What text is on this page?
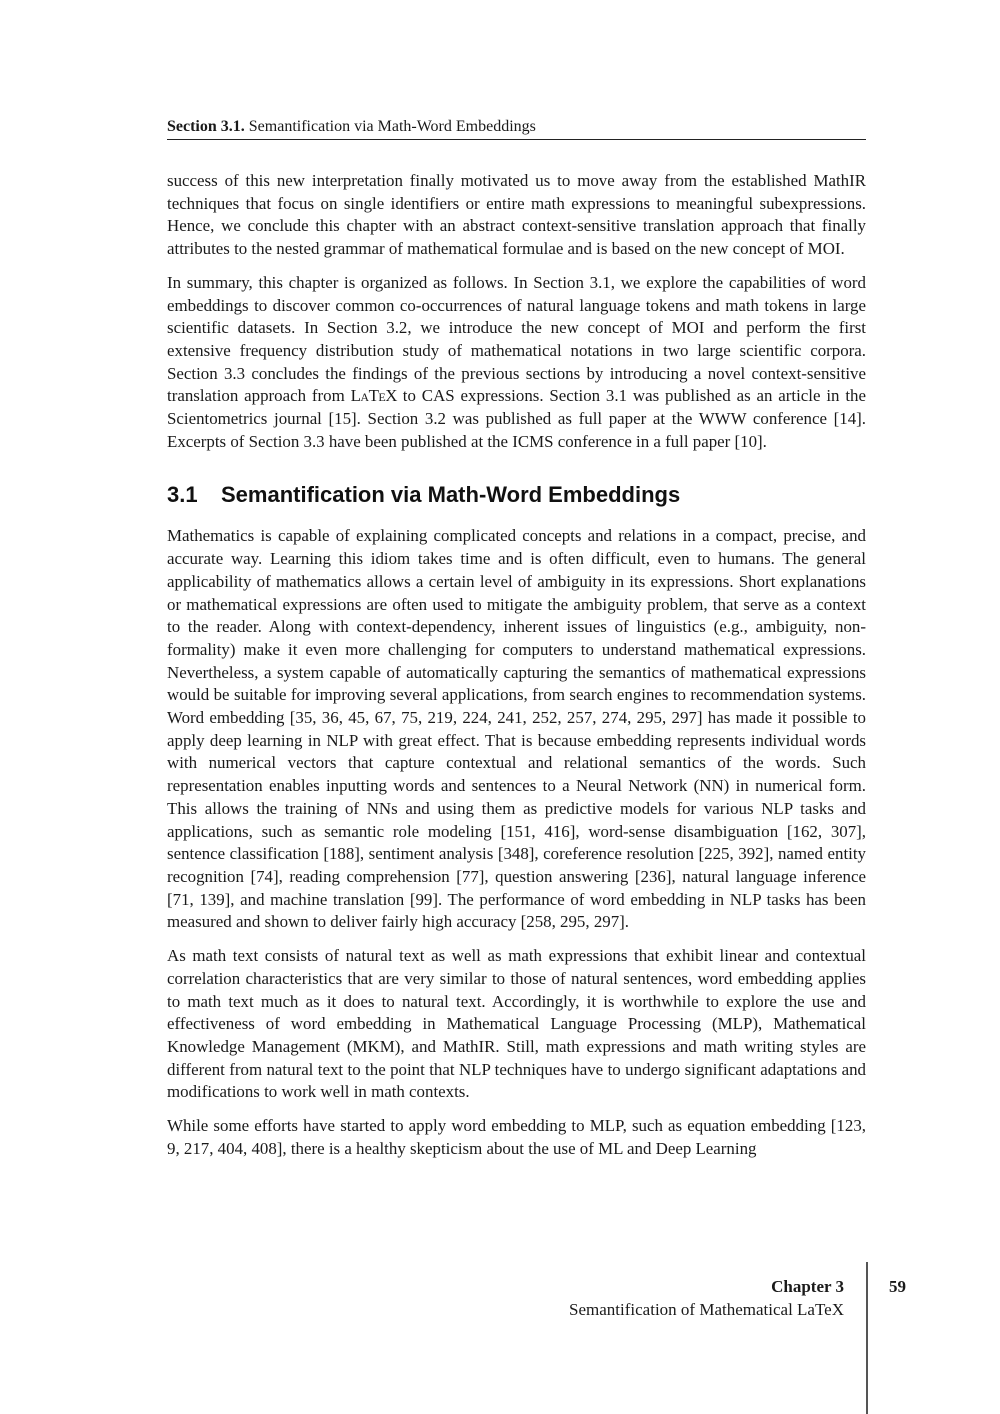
Section 3.1. Semantification via Math-Word Embeddings

success of this new interpretation finally motivated us to move away from the established MathIR techniques that focus on single identifiers or entire math expressions to meaningful subexpressions. Hence, we conclude this chapter with an abstract context-sensitive translation approach that finally attributes to the nested grammar of mathematical formulae and is based on the new concept of MOI.

In summary, this chapter is organized as follows. In Section 3.1, we explore the capabilities of word embeddings to discover common co-occurrences of natural language tokens and math tokens in large scientific datasets. In Section 3.2, we introduce the new concept of MOI and perform the first extensive frequency distribution study of mathematical notations in two large scientific corpora. Section 3.3 concludes the findings of the previous sections by introducing a novel context-sensitive translation approach from LaTeX to CAS expressions. Section 3.1 was published as an article in the Scientometrics journal [15]. Section 3.2 was published as full paper at the WWW conference [14]. Excerpts of Section 3.3 have been published at the ICMS conference in a full paper [10].

3.1 Semantification via Math-Word Embeddings

Mathematics is capable of explaining complicated concepts and relations in a compact, precise, and accurate way. Learning this idiom takes time and is often difficult, even to humans. The general applicability of mathematics allows a certain level of ambiguity in its expressions. Short explanations or mathematical expressions are often used to mitigate the ambiguity problem, that serve as a context to the reader. Along with context-dependency, inherent issues of linguistics (e.g., ambiguity, non-formality) make it even more challenging for computers to understand mathematical expressions. Nevertheless, a system capable of automatically capturing the semantics of mathematical expressions would be suitable for improving several applications, from search engines to recommendation systems. Word embedding [35, 36, 45, 67, 75, 219, 224, 241, 252, 257, 274, 295, 297] has made it possible to apply deep learning in NLP with great effect. That is because embedding represents individual words with numerical vectors that capture contextual and relational semantics of the words. Such representation enables inputting words and sentences to a Neural Network (NN) in numerical form. This allows the training of NNs and using them as predictive models for various NLP tasks and applications, such as semantic role modeling [151, 416], word-sense disambiguation [162, 307], sentence classification [188], sentiment analysis [348], coreference resolution [225, 392], named entity recognition [74], reading comprehension [77], question answering [236], natural language inference [71, 139], and machine translation [99]. The performance of word embedding in NLP tasks has been measured and shown to deliver fairly high accuracy [258, 295, 297].

As math text consists of natural text as well as math expressions that exhibit linear and contextual correlation characteristics that are very similar to those of natural sentences, word embedding applies to math text much as it does to natural text. Accordingly, it is worthwhile to explore the use and effectiveness of word embedding in Mathematical Language Processing (MLP), Mathematical Knowledge Management (MKM), and MathIR. Still, math expressions and math writing styles are different from natural text to the point that NLP techniques have to undergo significant adaptations and modifications to work well in math contexts.

While some efforts have started to apply word embedding to MLP, such as equation embedding [123, 9, 217, 404, 408], there is a healthy skepticism about the use of ML and Deep Learning

Chapter 3
Semantification of Mathematical LaTeX
59
